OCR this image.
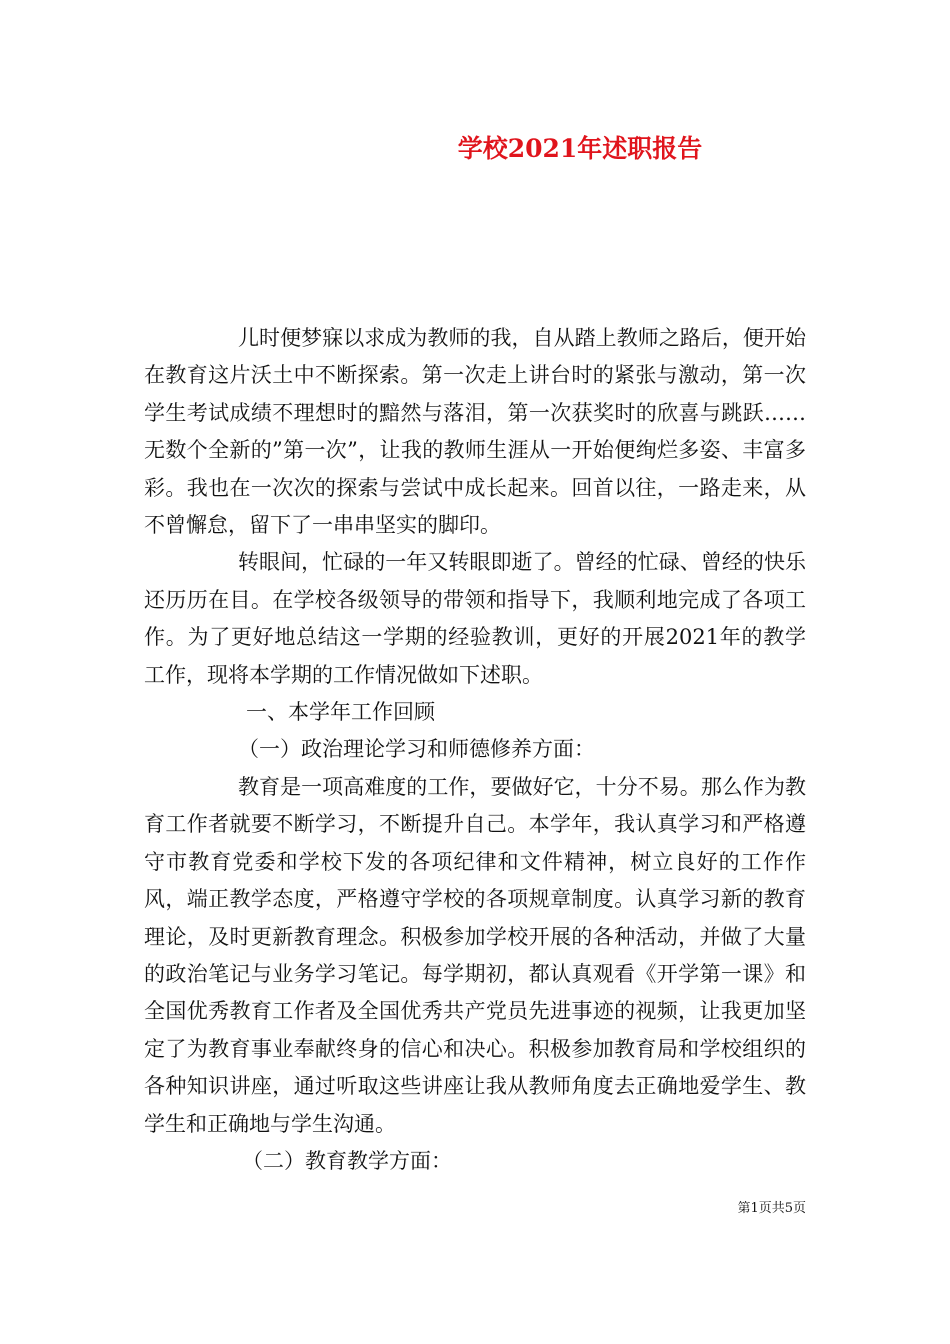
学校2021年述职报告

儿时便梦寐以求成为教师的我，自从踏上教师之路后，便开始在教育这片沃土中不断探索。第一次走上讲台时的紧张与激动，第一次学生考试成绩不理想时的黯然与落泪，第一次获奖时的欣喜与跳跃……无数个全新的”第一次”，让我的教师生涯从一开始便绚烂多姿、丰富多彩。我也在一次次的探索与尝试中成长起来。回首以往，一路走来，从不曾懈怠，留下了一串串坚实的脚印。

转眼间，忙碌的一年又转眼即逝了。曾经的忙碌、曾经的快乐还历历在目。在学校各级领导的带领和指导下，我顺利地完成了各项工作。为了更好地总结这一学期的经验教训，更好的开展2021年的教学工作，现将本学期的工作情况做如下述职。

一、本学年工作回顾

（一）政治理论学习和师德修养方面：

教育是一项高难度的工作，要做好它，十分不易。那么作为教育工作者就要不断学习，不断提升自己。本学年，我认真学习和严格遵守市教育党委和学校下发的各项纪律和文件精神，树立良好的工作作风，端正教学态度，严格遵守学校的各项规章制度。认真学习新的教育理论，及时更新教育理念。积极参加学校开展的各种活动，并做了大量的政治笔记与业务学习笔记。每学期初，都认真观看《开学第一课》和全国优秀教育工作者及全国优秀共产党员先进事迹的视频，让我更加坚定了为教育事业奉献终身的信心和决心。积极参加教育局和学校组织的各种知识讲座，通过听取这些讲座让我从教师角度去正确地爱学生、教学生和正确地与学生沟通。

（二）教育教学方面：

第1页共5页
